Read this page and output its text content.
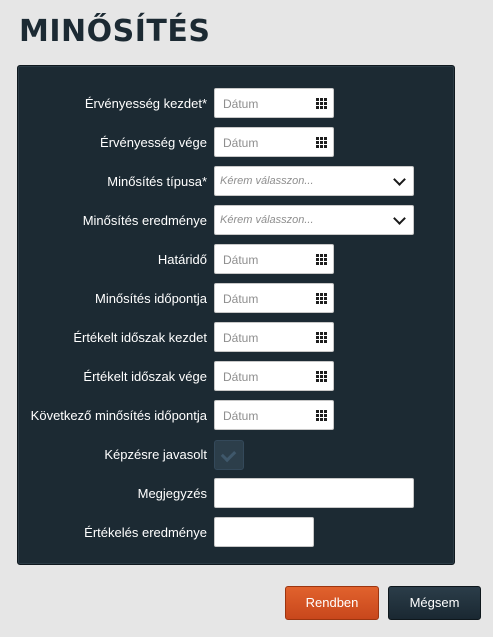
MINŐSÍTÉS
Érvényesség kezdet* Dátum
Érvényesség vége Dátum
Minősítés típusa* Kérem válasszon...
Minősítés eredménye Kérem válasszon...
Határidő Dátum
Minősítés időpontja Dátum
Értékelt időszak kezdet Dátum
Értékelt időszak vége Dátum
Következő minősítés időpontja Dátum
Képzésre javasolt
Megjegyzés
Értékelés eredménye
Rendben	Mégsem
